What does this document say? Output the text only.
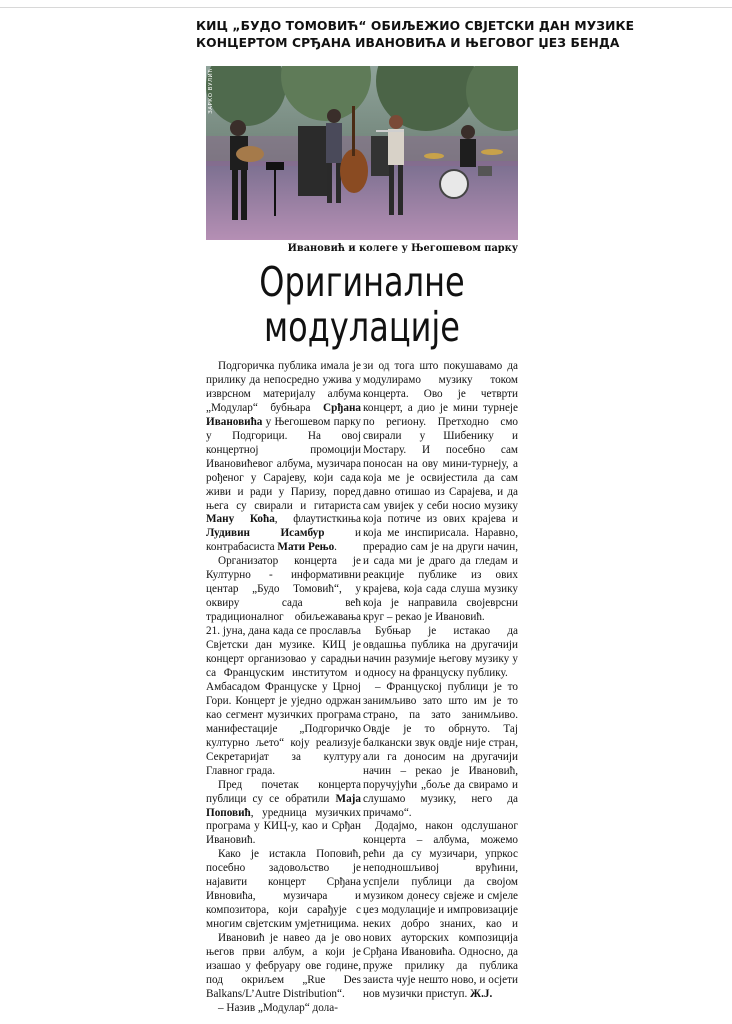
КИЦ „БУДО ТОМОВИЋ“ ОБИЉЕЖИО СВЈЕТСКИ ДАН МУЗИКЕ
КОНЦЕРТОМ СРЂАНА ИВАНОВИЋА И ЊЕГОВОГ ЏЕЗ БЕНДА
ЗАРКО ВУЛИЋ
Ивановић и колеге у Његошевом парку
Оригиналне
модулације

Подгоричка публика имала је прилику да непосредно ужива у изврсном материјалу албума „Модулар“ бубњара Срђана Ивановића у Његошевом парку у Подгорици. На овој концертној промоцији Ивановићевог албума, музичара рођеног у Сарајеву, који сада живи и ради у Паризу, поред њега су свирали и гитариста Ману Коћа, флаутисткиња Лудивин Исамбур и контрабасиста Мати Рењо.

Организатор концерта је Културно - информативни центар „Будо Томовић“, у оквиру сада већ традиционалног обиљежавања 21. јуна, дана када се прославља Свјетски дан музике. КИЦ је концерт организовао у сарадњи са Француским институтом и Амбасадом Француске у Црној Гори. Концерт је уједно одржан као сегмент музичких програма манифестације „Подгоричко културно љето“ коју реализује Секретаријат за културу Главног града.

Пред почетак концерта публици су се обратили Маја Поповић, уредница музичких програма у КИЦ-у, као и Срђан Ивановић.

Како је истакла Поповић, посебно задовољство је најавити концерт Срђана Ивновића, музичара и композитора, који сарађује с многим свјетским умјетницима.

Ивановић је навео да је ово његов први албум, а који је изашао у фебруару ове године, под окриљем „Rue Des Balkans/L’Autre Distribution“.

– Назив „Модулар“ дола-

зи од тога што покушавамо да модулирамо музику током концерта. Ово је четврти концерт, а дио је мини турнеје по региону. Претходно смо свирали у Шибенику и Мостару. И посебно сам поносан на ову мини-турнеју, а која ме је освијестила да сам давно отишао из Сарајева, и да сам увијек у себи носио музику која потиче из ових крајева и која ме инспирисала. Наравно, прерадио сам је на други начин, и сада ми је драго да гледам и реакције публике из ових крајева, која сада слуша музику која је направила својеврсни круг – рекао је Ивановић.

Бубњар је истакао да овдашња публика на другачији начин разумије његову музику у односу на француску публику.

– Француској публици је то занимљиво зато што им је то страно, па зато занимљиво. Овдје је то обрнуто. Тај балкански звук овдје није стран, али га доносим на другачији начин – рекао је Ивановић, поручујући „боље да свирамо и слушамо музику, него да причамо“.

Додајмо, након одслушаног концерта – албума, можемо рећи да су музичари, упркос неподношљивој врућини, успјели публици да својом музиком донесу свјеже и смјеле џез модулације и импровизације неких добро знаних, као и нових ауторских композиција Срђана Ивановића. Односно, да пружe прилику да публика заиста чује нешто ново, и осјети нов музички приступ. Ж.Ј.
